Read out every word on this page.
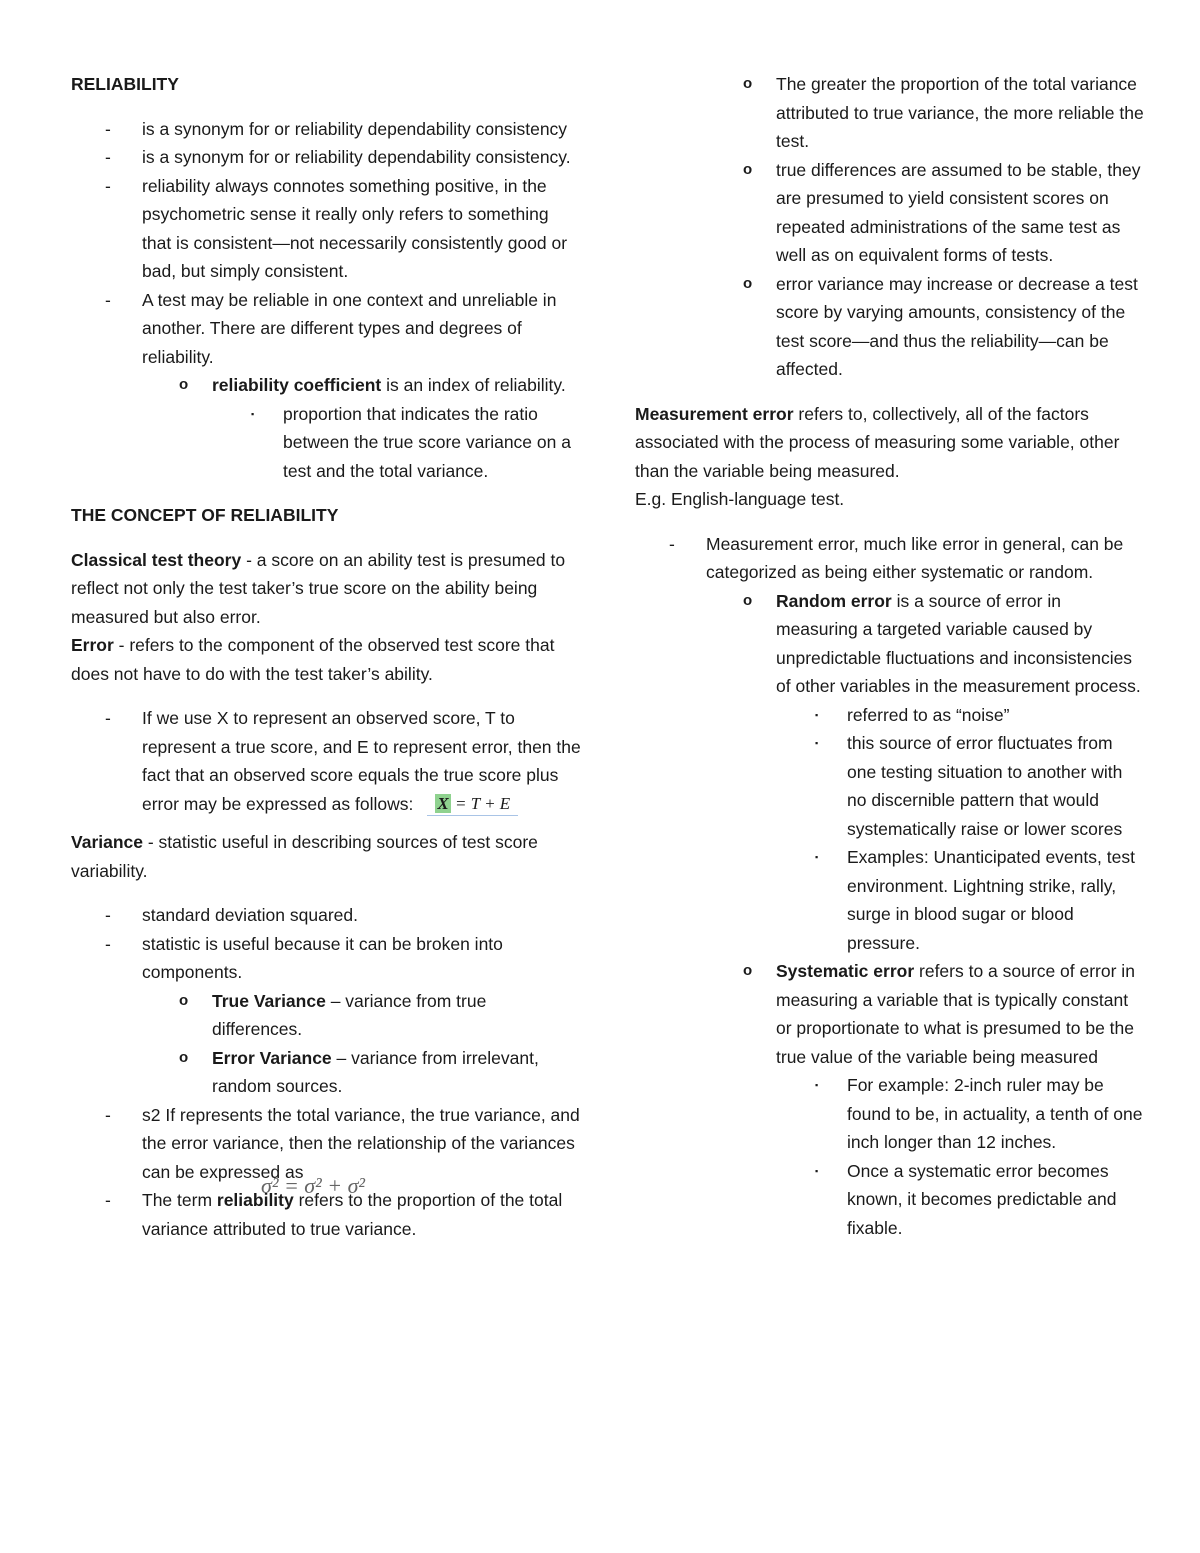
RELIABILITY

- is a synonym for or reliability dependability consistency
- is a synonym for or reliability dependability consistency.
- reliability always connotes something positive, in the psychometric sense it really only refers to something that is consistent—not necessarily consistently good or bad, but simply consistent.
- A test may be reliable in one context and unreliable in another. There are different types and degrees of reliability.
o reliability coefficient is an index of reliability.
▪ proportion that indicates the ratio between the true score variance on a test and the total variance.

THE CONCEPT OF RELIABILITY

Classical test theory - a score on an ability test is presumed to reflect not only the test taker’s true score on the ability being measured but also error.

Error - refers to the component of the observed test score that does not have to do with the test taker’s ability.

- If we use X to represent an observed score, T to represent a true score, and E to represent error, then the fact that an observed score equals the true score plus error may be expressed as follows: X = T + E

Variance - statistic useful in describing sources of test score variability.

- standard deviation squared.
- statistic is useful because it can be broken into components.
o True Variance – variance from true differences.
o Error Variance – variance from irrelevant, random sources.
- s2 If represents the total variance, the true variance, and the error variance, then the relationship of the variances can be expressed as
-
σ² = σ² + σ²
The term reliability refers to the proportion of the total variance attributed to true variance.
o The greater the proportion of the total variance attributed to true variance, the more reliable the test.
o true differences are assumed to be stable, they are presumed to yield consistent scores on repeated administrations of the same test as well as on equivalent forms of tests.
o error variance may increase or decrease a test score by varying amounts, consistency of the test score—and thus the reliability—can be affected.

Measurement error refers to, collectively, all of the factors associated with the process of measuring some variable, other than the variable being measured.

E.g. English-language test.

- Measurement error, much like error in general, can be categorized as being either systematic or random.
o Random error is a source of error in measuring a targeted variable caused by unpredictable fluctuations and inconsistencies of other variables in the measurement process.
▪ referred to as “noise”
▪ this source of error fluctuates from one testing situation to another with no discernible pattern that would systematically raise or lower scores
▪ Examples: Unanticipated events, test environment. Lightning strike, rally, surge in blood sugar or blood pressure.
o Systematic error refers to a source of error in measuring a variable that is typically constant or proportionate to what is presumed to be the true value of the variable being measured
▪ For example: 2-inch ruler may be found to be, in actuality, a tenth of one inch longer than 12 inches.
▪ Once a systematic error becomes known, it becomes predictable and fixable.
